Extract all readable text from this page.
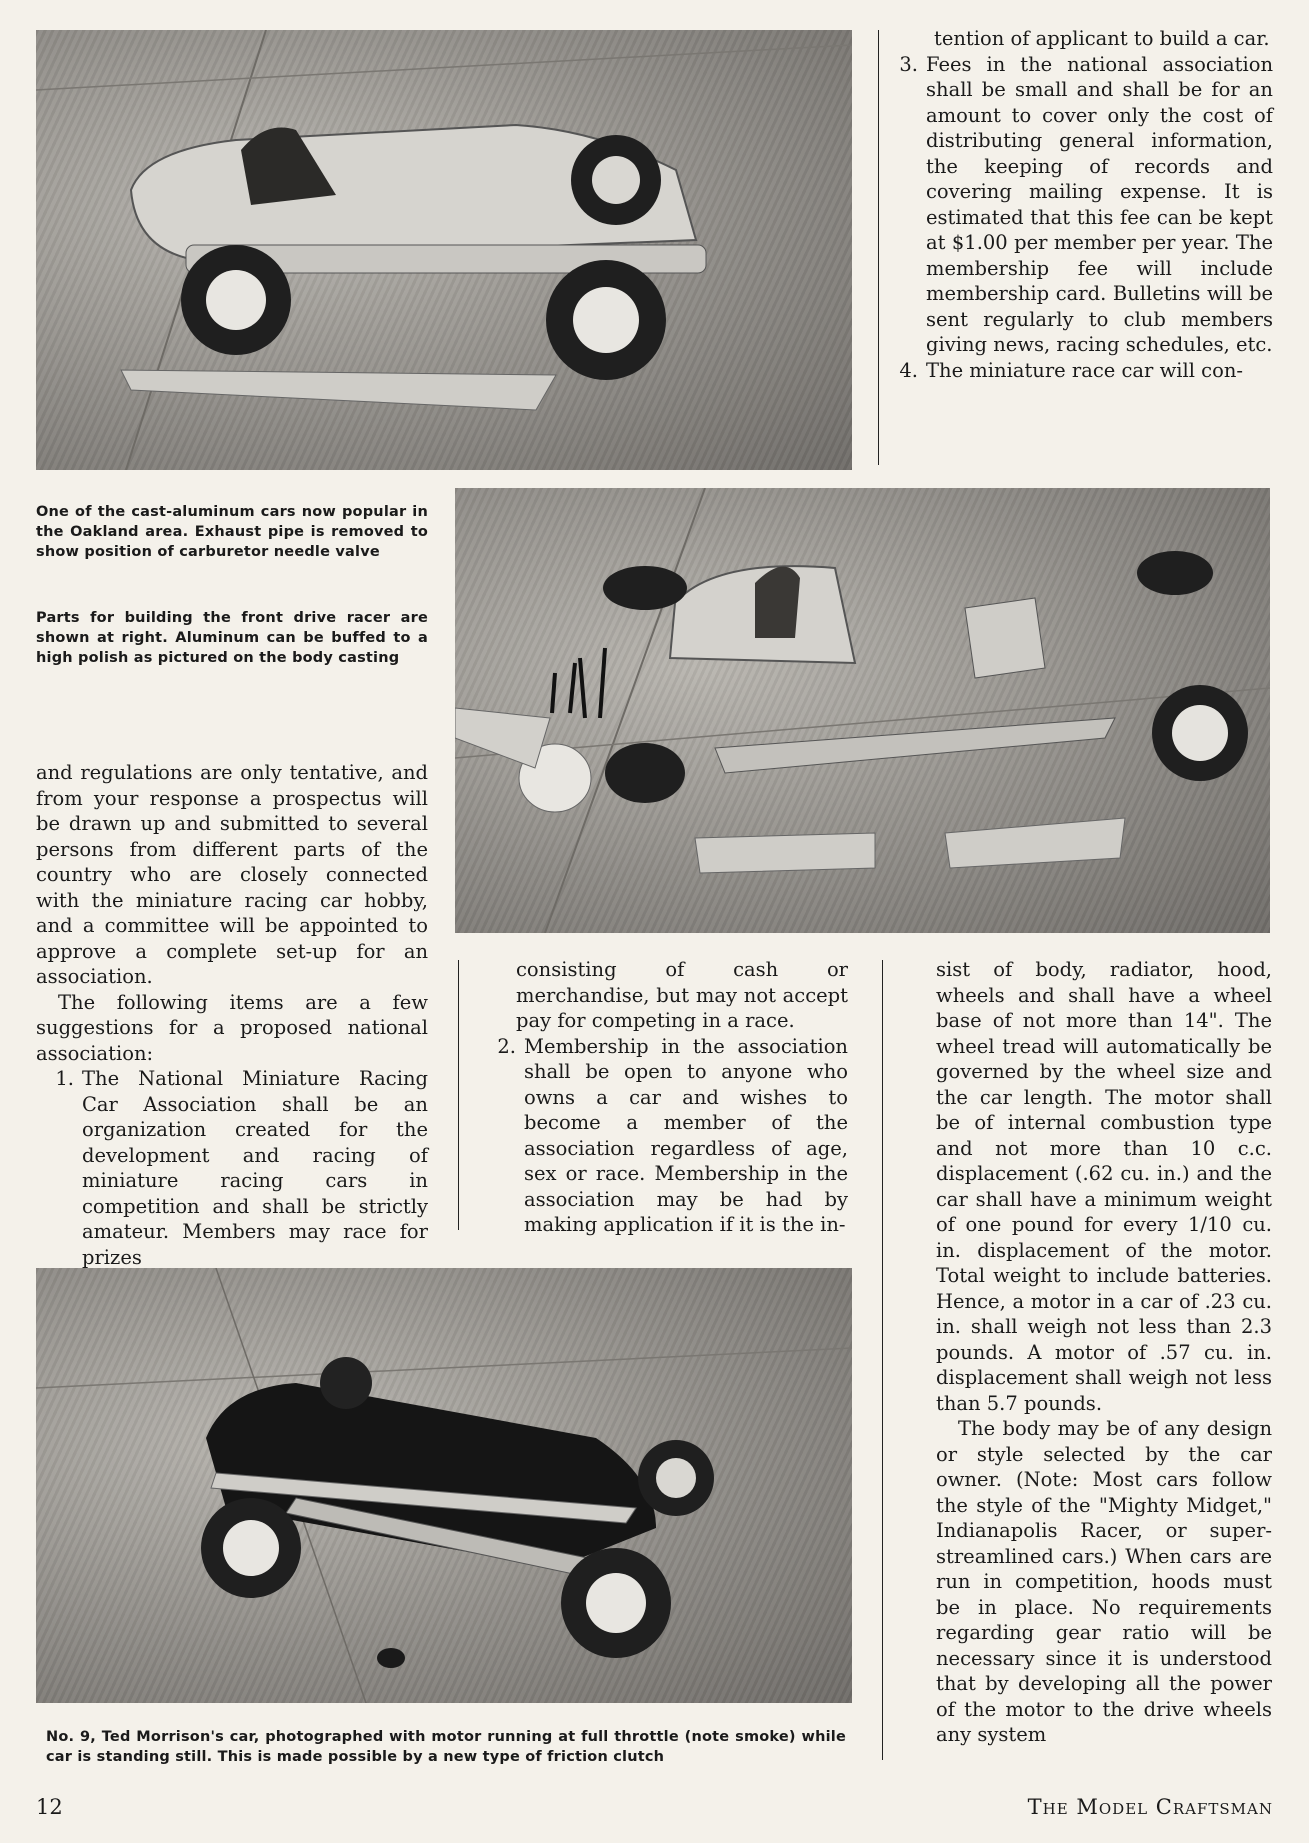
tention of applicant to build a car.

3. Fees in the national association shall be small and shall be for an amount to cover only the cost of distributing general information, the keeping of records and covering mailing expense. It is estimated that this fee can be kept at $1.00 per member per year. The membership fee will include membership card. Bulletins will be sent regularly to club members giving news, racing schedules, etc.
4. The miniature race car will con-
One of the cast-aluminum cars now popular in the Oakland area. Exhaust pipe is removed to show position of carburetor needle valve
Parts for building the front drive racer are shown at right. Aluminum can be buffed to a high polish as pictured on the body casting

and regulations are only tentative, and from your response a prospectus will be drawn up and submitted to several persons from different parts of the country who are closely connected with the miniature racing car hobby, and a committee will be appointed to approve a complete set-up for an association.

The following items are a few suggestions for a proposed national association:

1. The National Miniature Racing Car Association shall be an organization created for the development and racing of miniature racing cars in competition and shall be strictly amateur. Members may race for prizes

consisting of cash or merchandise, but may not accept pay for competing in a race.

2. Membership in the association shall be open to anyone who owns a car and wishes to become a member of the association regardless of age, sex or race. Membership in the association may be had by making application if it is the in-

sist of body, radiator, hood, wheels and shall have a wheel base of not more than 14". The wheel tread will automatically be governed by the wheel size and the car length. The motor shall be of internal combustion type and not more than 10 c.c. displacement (.62 cu. in.) and the car shall have a minimum weight of one pound for every 1/10 cu. in. displacement of the motor. Total weight to include batteries. Hence, a motor in a car of .23 cu. in. shall weigh not less than 2.3 pounds. A motor of .57 cu. in. displacement shall weigh not less than 5.7 pounds.

The body may be of any design or style selected by the car owner. (Note: Most cars follow the style of the "Mighty Midget," Indianapolis Racer, or super-streamlined cars.) When cars are run in competition, hoods must be in place. No requirements regarding gear ratio will be necessary since it is understood that by developing all the power of the motor to the drive wheels any system

No. 9, Ted Morrison's car, photographed with motor running at full throttle (note smoke) while car is standing still. This is made possible by a new type of friction clutch
12	The Model Craftsman
